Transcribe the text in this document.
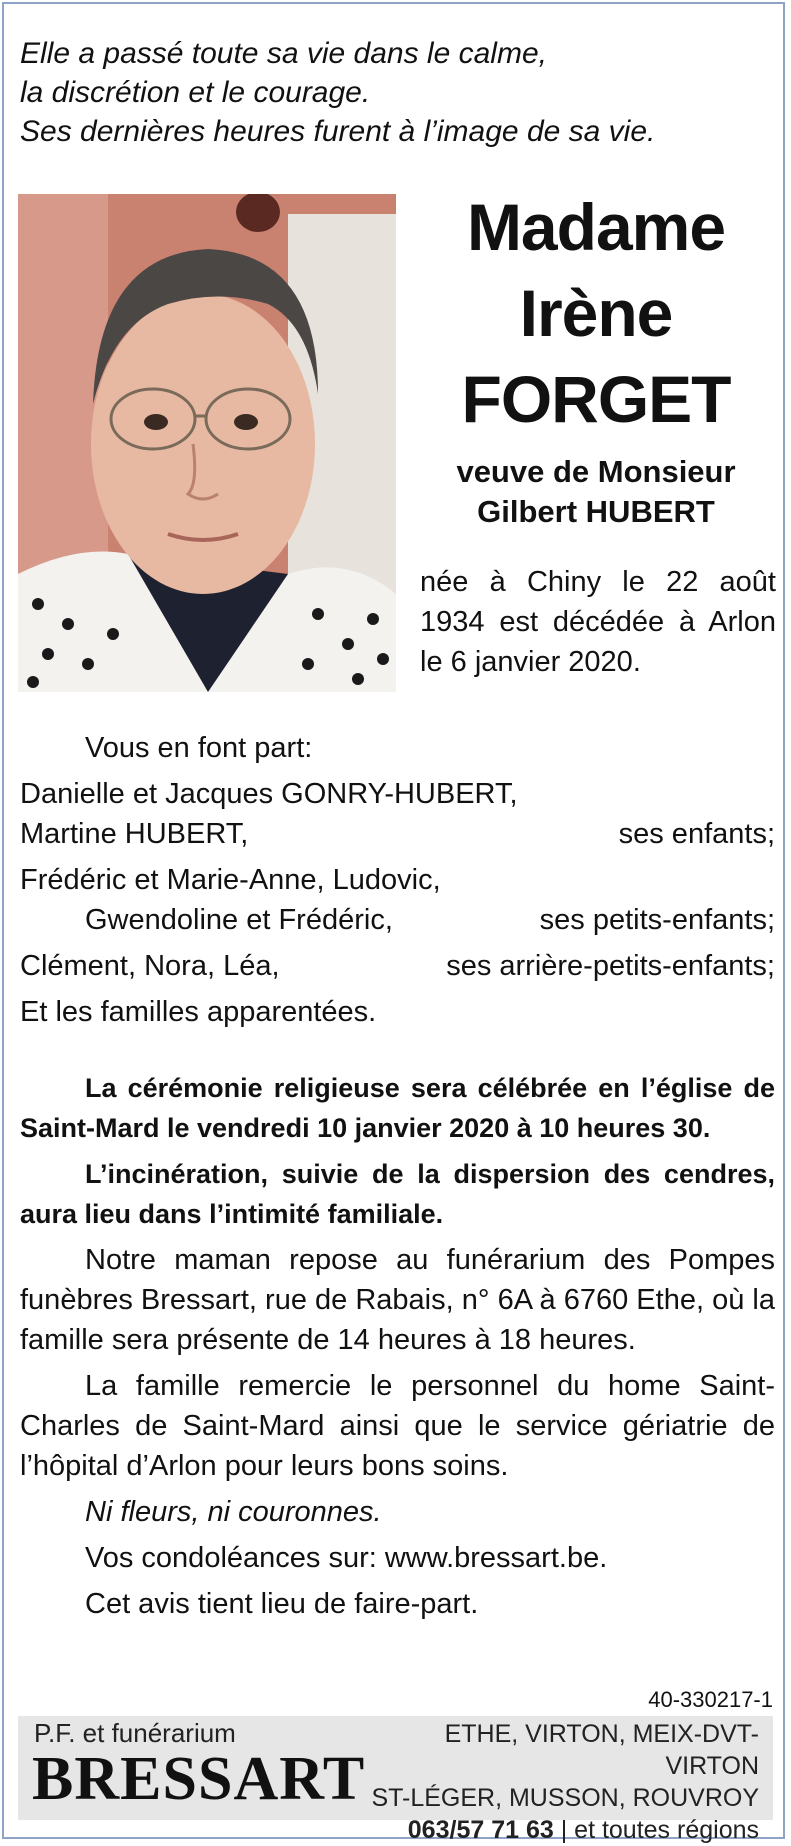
Elle a passé toute sa vie dans le calme,
la discrétion et le courage.
Ses dernières heures furent à l’image de sa vie.
Madame
Irène
FORGET
veuve de Monsieur
Gilbert HUBERT
née à Chiny le 22 août 1934 est décédée à Arlon le 6 janvier 2020.
Vous en font part:
Danielle et Jacques GONRY-HUBERT,
Martine HUBERT,	ses enfants;
Frédéric et Marie-Anne, Ludovic,
Gwendoline et Frédéric,	ses petits-enfants;
Clément, Nora, Léa,	ses arrière-petits-enfants;
Et les familles apparentées.

La cérémonie religieuse sera célébrée en l’église de Saint-Mard le vendredi 10 janvier 2020 à 10 heures 30.

L’incinération, suivie de la dispersion des cendres, aura lieu dans l’intimité familiale.

Notre maman repose au funérarium des Pompes funèbres Bressart, rue de Rabais, n° 6A à 6760 Ethe, où la famille sera présente de 14 heures à 18 heures.

La famille remercie le personnel du home Saint-Charles de Saint-Mard ainsi que le service gériatrie de l’hôpital d’Arlon pour leurs bons soins.

Ni fleurs, ni couronnes.

Vos condoléances sur: www.bressart.be.

Cet avis tient lieu de faire-part.

40-330217-1
P.F. et funérarium
BRESSART
ETHE, VIRTON, MEIX-DVT-VIRTON
ST-LÉGER, MUSSON, ROUVROY
063/57 71 63 | et toutes régions
